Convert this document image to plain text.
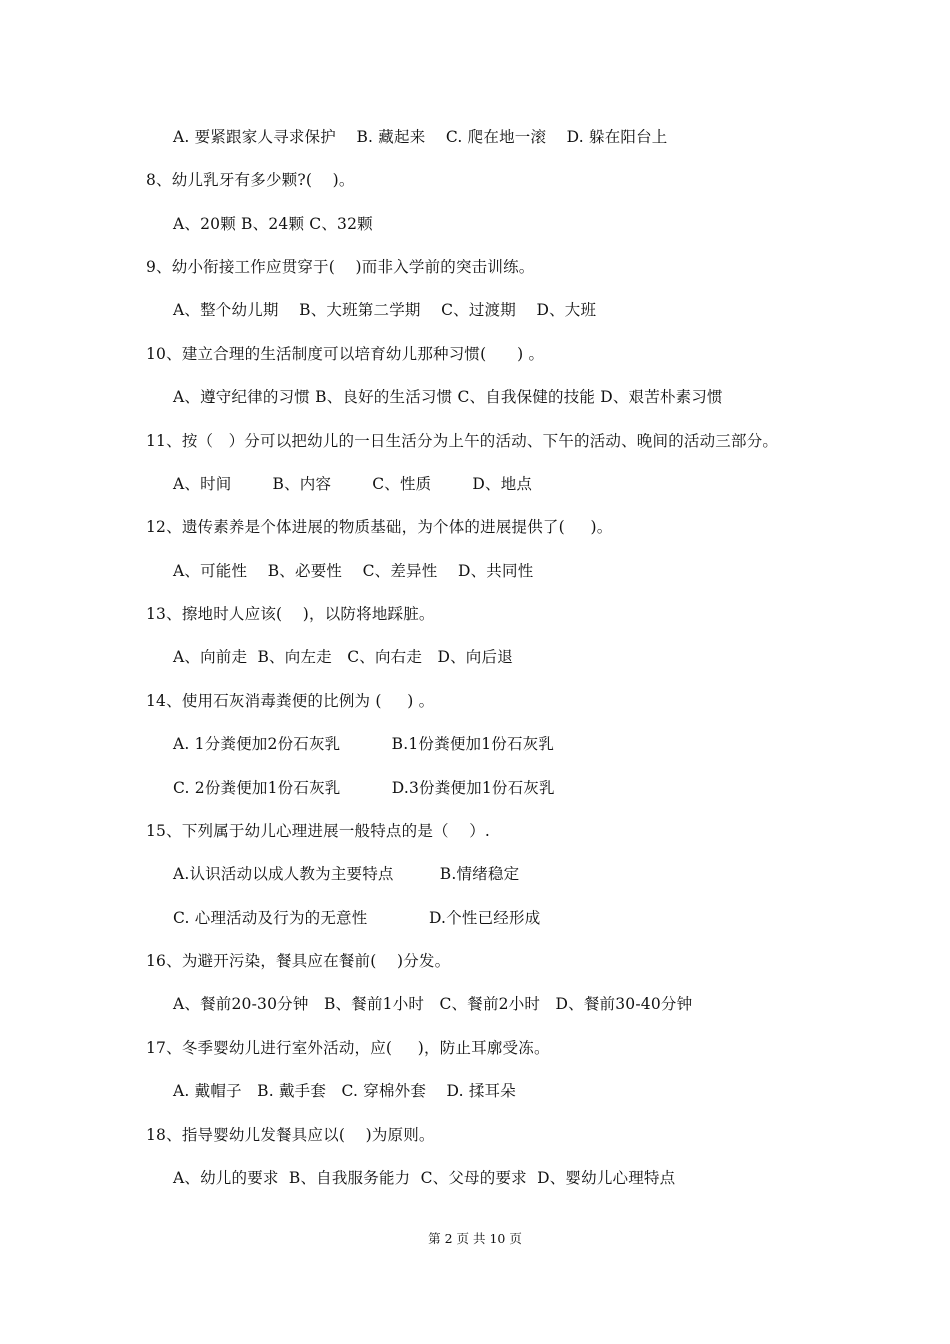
A. 要紧跟家人寻求保护    B. 藏起来    C. 爬在地一滚    D. 躲在阳台上
8、幼儿乳牙有多少颗?(    )。
A、20颗 B、24颗 C、32颗
9、幼小衔接工作应贯穿于(    )而非入学前的突击训练。
A、整个幼儿期    B、大班第二学期    C、过渡期    D、大班
10、建立合理的生活制度可以培育幼儿那种习惯(      ) 。
A、遵守纪律的习惯 B、良好的生活习惯 C、自我保健的技能 D、艰苦朴素习惯
11、按（   ）分可以把幼儿的一日生活分为上午的活动、下午的活动、晚间的活动三部分。
A、时间        B、内容        C、性质        D、地点
12、遗传素养是个体进展的物质基础，为个体的进展提供了(     )。
A、可能性    B、必要性    C、差异性    D、共同性
13、擦地时人应该(    )，以防将地踩脏。
A、向前走  B、向左走   C、向右走   D、向后退
14、使用石灰消毒粪便的比例为 (     ) 。
A. 1分粪便加2份石灰乳          B.1份粪便加1份石灰乳
C. 2份粪便加1份石灰乳          D.3份粪便加1份石灰乳
15、下列属于幼儿心理进展一般特点的是（    ）.
A.认识活动以成人教为主要特点         B.情绪稳定
C. 心理活动及行为的无意性            D.个性已经形成
16、为避开污染，餐具应在餐前(    )分发。
A、餐前20-30分钟   B、餐前1小时   C、餐前2小时   D、餐前30-40分钟
17、冬季婴幼儿进行室外活动，应(     )，防止耳廓受冻。
A. 戴帽子   B. 戴手套   C. 穿棉外套    D. 揉耳朵
18、指导婴幼儿发餐具应以(    )为原则。
A、幼儿的要求  B、自我服务能力  C、父母的要求  D、婴幼儿心理特点
第 2 页 共 10 页
